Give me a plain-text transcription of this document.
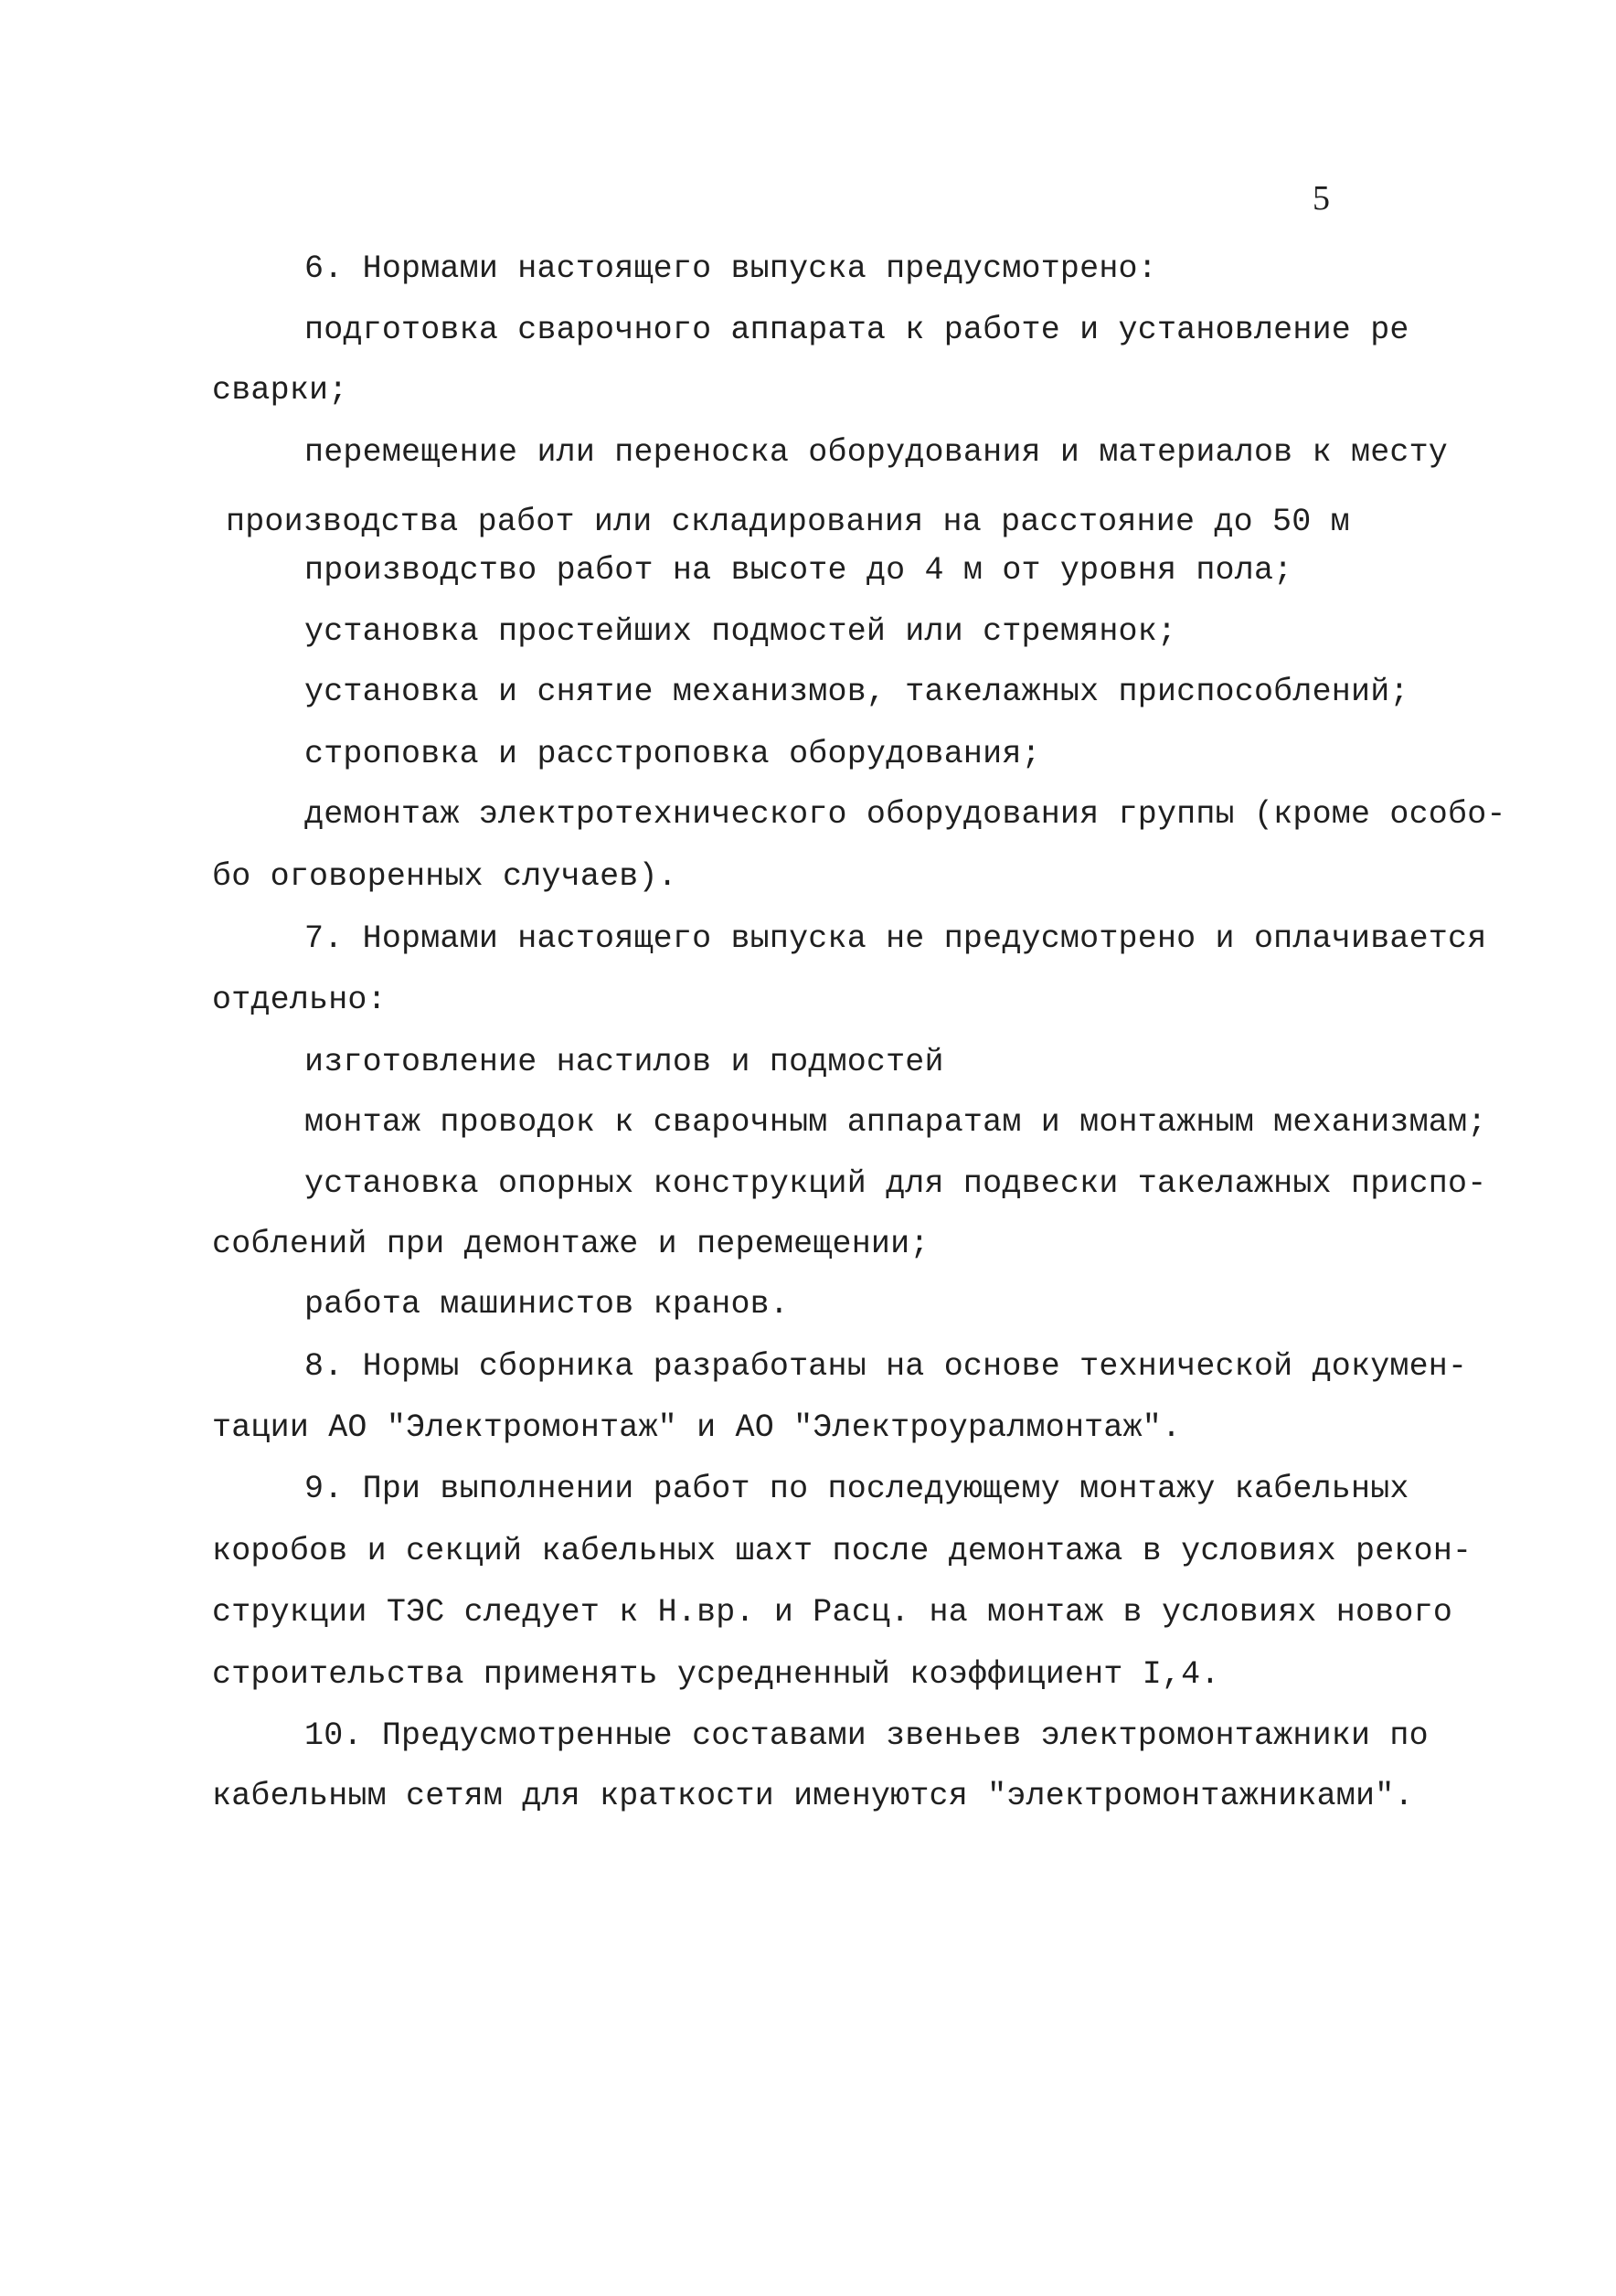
5
6. Нормами настоящего выпуска предусмотрено:
подготовка сварочного аппарата к работе и установление ре
сварки;
перемещение или переноска оборудования и материалов к месту
производства работ или складирования на расстояние до 50 м
производство работ на высоте до 4 м от уровня пола;
установка простейших подмостей или стремянок;
установка и снятие механизмов, такелажных приспособлений;
строповка и расстроповка оборудования;
демонтаж электротехнического оборудования группы (кроме особо-
бо оговоренных случаев).
7. Нормами настоящего выпуска не предусмотрено и оплачивается
отдельно:
изготовление настилов и подмостей
монтаж проводок к сварочным аппаратам и монтажным механизмам;
установка опорных конструкций для подвески такелажных приспо-
соблений при демонтаже и перемещении;
работа машинистов кранов.
8. Нормы сборника разработаны на основе технической докумен-
тации АО "Электромонтаж" и АО "Электроуралмонтаж".
9. При выполнении работ по последующему монтажу кабельных
коробов и секций кабельных шахт после демонтажа в условиях рекон-
струкции ТЭС следует к Н.вр. и Расц. на монтаж в условиях нового
строительства применять усредненный коэффициент I,4.
10. Предусмотренные составами звеньев электромонтажники по
кабельным сетям для краткости именуются "электромонтажниками".
